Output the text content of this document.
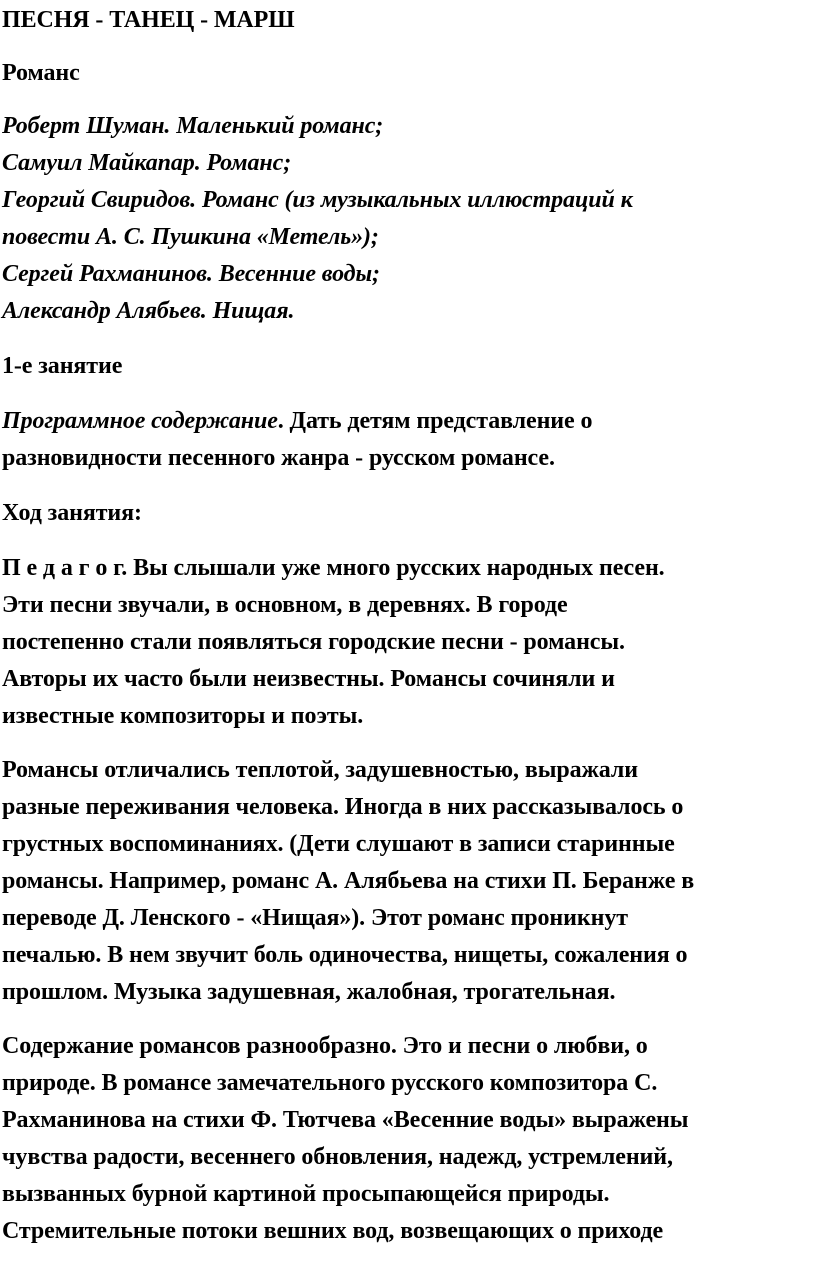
ПЕСНЯ - ТАНЕЦ - МАРШ

Романс

Роберт Шуман. Маленький романс;
Самуил Майкапар. Романс;
Георгий Свиридов. Романс (из музыкальных иллюстраций к
повести А. С. Пушкина «Метель»);
Сергей Рахманинов. Весенние воды;
Александр Алябьев. Нищая.

1-е занятие

Программное содержание. Дать детям представление о
разновидности песенного жанра - русском романсе.

Ход занятия:

П е д а г о г. Вы слышали уже много русских народных песен.
Эти песни звучали, в основном, в деревнях. В городе
постепенно стали появляться городские песни - романсы.
Авторы их часто были неизвестны. Романсы сочиняли и
известные композиторы и поэты.
Романсы отличались теплотой, задушевностью, выражали
разные переживания человека. Иногда в них рассказывалось о
грустных воспоминаниях. (Дети слушают в записи старинные
романсы. Например, романс А. Алябьева на стихи П. Беранже в
переводе Д. Ленского - «Нищая»). Этот романс проникнут
печалью. В нем звучит боль одиночества, нищеты, сожаления о
прошлом. Музыка задушевная, жалобная, трогательная.
Содержание романсов разнообразно. Это и песни о любви, о
природе. В романсе замечательного русского композитора С.
Рахманинова на стихи Ф. Тютчева «Весенние воды» выражены
чувства радости, весеннего обновления, надежд, устремлений,
вызванных бурной картиной просыпающейся природы.
Стремительные потоки вешних вод, возвещающих о приходе
